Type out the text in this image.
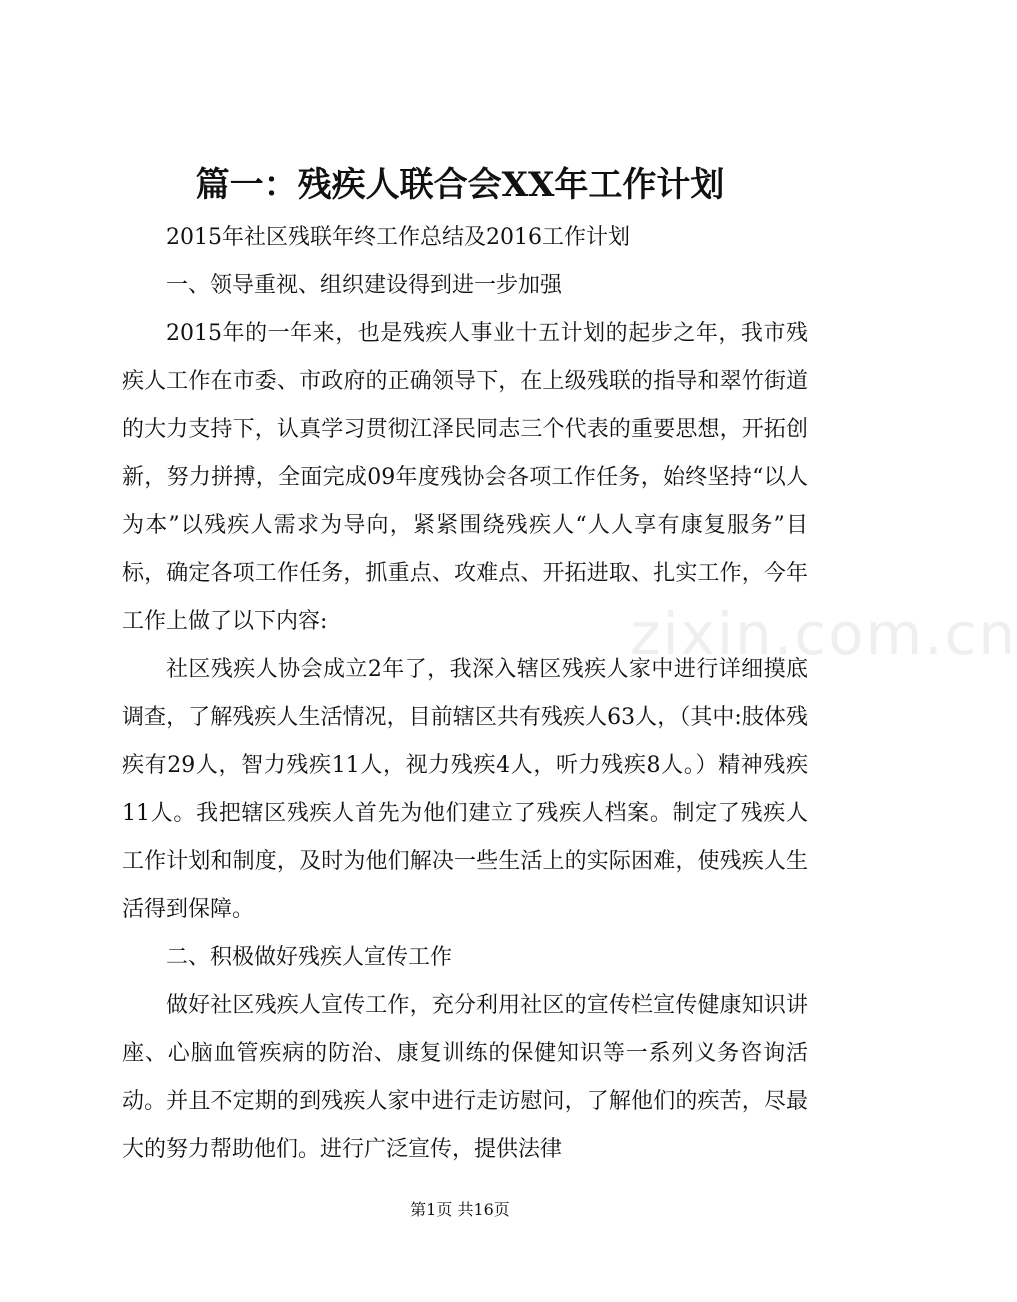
zixin.com.cn
篇一：残疾人联合会XX年工作计划

2015年社区残联年终工作总结及2016工作计划

一、领导重视、组织建设得到进一步加强

2015年的一年来，也是残疾人事业十五计划的起步之年，我市残疾人工作在市委、市政府的正确领导下，在上级残联的指导和翠竹街道的大力支持下，认真学习贯彻江泽民同志三个代表的重要思想，开拓创新，努力拼搏，全面完成09年度残协会各项工作任务，始终坚持“以人为本”以残疾人需求为导向，紧紧围绕残疾人“人人享有康复服务”目标，确定各项工作任务，抓重点、攻难点、开拓进取、扎实工作，今年工作上做了以下内容:

社区残疾人协会成立2年了，我深入辖区残疾人家中进行详细摸底调查，了解残疾人生活情况，目前辖区共有残疾人63人，（其中:肢体残疾有29人，智力残疾11人，视力残疾4人，听力残疾8人。）精神残疾11人。我把辖区残疾人首先为他们建立了残疾人档案。制定了残疾人工作计划和制度，及时为他们解决一些生活上的实际困难，使残疾人生活得到保障。

二、积极做好残疾人宣传工作

做好社区残疾人宣传工作，充分利用社区的宣传栏宣传健康知识讲座、心脑血管疾病的防治、康复训练的保健知识等一系列义务咨询活动。并且不定期的到残疾人家中进行走访慰问，了解他们的疾苦，尽最大的努力帮助他们。进行广泛宣传，提供法律

第1页 共16页
